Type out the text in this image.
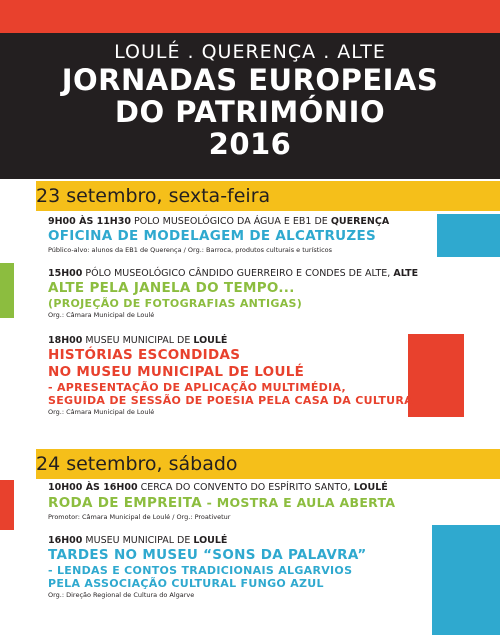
LOULÉ . QUERENÇA . ALTE
JORNADAS EUROPEIAS
DO PATRIMÓNIO
2016
23 setembro, sexta-feira
9H00 ÀS 11H30 POLO MUSEOLÓGICO DA ÁGUA E EB1 DE QUERENÇA
OFICINA DE MODELAGEM DE ALCATRUZES
Público-alvo: alunos da EB1 de Querença / Org.: Barroca, produtos culturais e turísticos
15H00 PÓLO MUSEOLÓGICO CÂNDIDO GUERREIRO E CONDES DE ALTE, ALTE
ALTE PELA JANELA DO TEMPO...
(PROJEÇÃO DE FOTOGRAFIAS ANTIGAS)
Org.: Câmara Municipal de Loulé
18H00 MUSEU MUNICIPAL DE LOULÉ
HISTÓRIAS ESCONDIDAS
NO MUSEU MUNICIPAL DE LOULÉ
- APRESENTAÇÃO DE APLICAÇÃO MULTIMÉDIA,
SEGUIDA DE SESSÃO DE POESIA PELA CASA DA CULTURA
Org.: Câmara Municipal de Loulé
24 setembro, sábado
10H00 ÀS 16H00 CERCA DO CONVENTO DO ESPÍRITO SANTO, LOULÉ
RODA DE EMPREITA - MOSTRA E AULA ABERTA
Promotor: Câmara Municipal de Loulé / Org.: Proativetur
16H00 MUSEU MUNICIPAL DE LOULÉ
TARDES NO MUSEU “SONS DA PALAVRA”
- LENDAS E CONTOS TRADICIONAIS ALGARVIOS
PELA ASSOCIAÇÃO CULTURAL FUNGO AZUL
Org.: Direção Regional de Cultura do Algarve
